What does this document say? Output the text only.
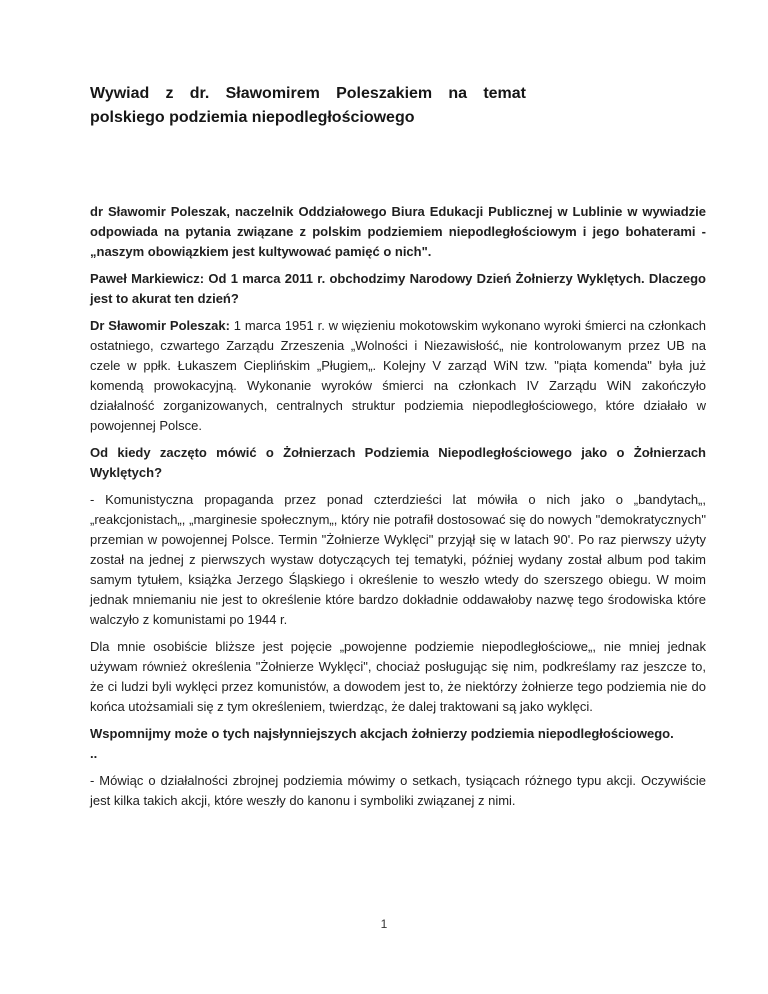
Wywiad z dr. Sławomirem Poleszakiem na temat
polskiego podziemia niepodległościowego

dr Sławomir Poleszak, naczelnik Oddziałowego Biura Edukacji Publicznej w Lublinie w wywiadzie odpowiada na pytania związane z polskim podziemiem niepodległościowym i jego bohaterami - „naszym obowiązkiem jest kultywować pamięć o nich".

Paweł Markiewicz: Od 1 marca 2011 r. obchodzimy Narodowy Dzień Żołnierzy Wyklętych. Dlaczego jest to akurat ten dzień?

Dr Sławomir Poleszak: 1 marca 1951 r. w więzieniu mokotowskim wykonano wyroki śmierci na członkach ostatniego, czwartego Zarządu Zrzeszenia „Wolności i Niezawisłość„ nie kontrolowanym przez UB na czele w ppłk. Łukaszem Cieplińskim „Pługiem„. Kolejny V zarząd WiN tzw. "piąta komenda" była już komendą prowokacyjną. Wykonanie wyroków śmierci na członkach IV Zarządu WiN zakończyło działalność zorganizowanych, centralnych struktur podziemia niepodległościowego, które działało w powojennej Polsce.

Od kiedy zaczęto mówić o Żołnierzach Podziemia Niepodległościowego jako o Żołnierzach Wyklętych?

- Komunistyczna propaganda przez ponad czterdzieści lat mówiła o nich jako o „bandytach„, „reakcjonistach„, „marginesie społecznym„, który nie potrafił dostosować się do nowych "demokratycznych" przemian w powojennej Polsce. Termin "Żołnierze Wyklęci" przyjął się w latach 90'. Po raz pierwszy użyty został na jednej z pierwszych wystaw dotyczących tej tematyki, później wydany został album pod takim samym tytułem, książka Jerzego Śląskiego i określenie to weszło wtedy do szerszego obiegu. W moim jednak mniemaniu nie jest to określenie które bardzo dokładnie oddawałoby nazwę tego środowiska które walczyło z komunistami po 1944 r.

Dla mnie osobiście bliższe jest pojęcie „powojenne podziemie niepodległościowe„, nie mniej jednak używam również określenia "Żołnierze Wyklęci", chociaż posługując się nim, podkreślamy raz jeszcze to, że ci ludzi byli wyklęci przez komunistów, a dowodem jest to, że niektórzy żołnierze tego podziemia nie do końca utożsamiali się z tym określeniem, twierdząc, że dalej traktowani są jako wyklęci.

Wspomnijmy może o tych najsłynniejszych akcjach żołnierzy podziemia niepodległościowego.
..

- Mówiąc o działalności zbrojnej podziemia mówimy o setkach, tysiącach różnego typu akcji. Oczywiście jest kilka takich akcji, które weszły do kanonu i symboliki związanej z nimi.

1
